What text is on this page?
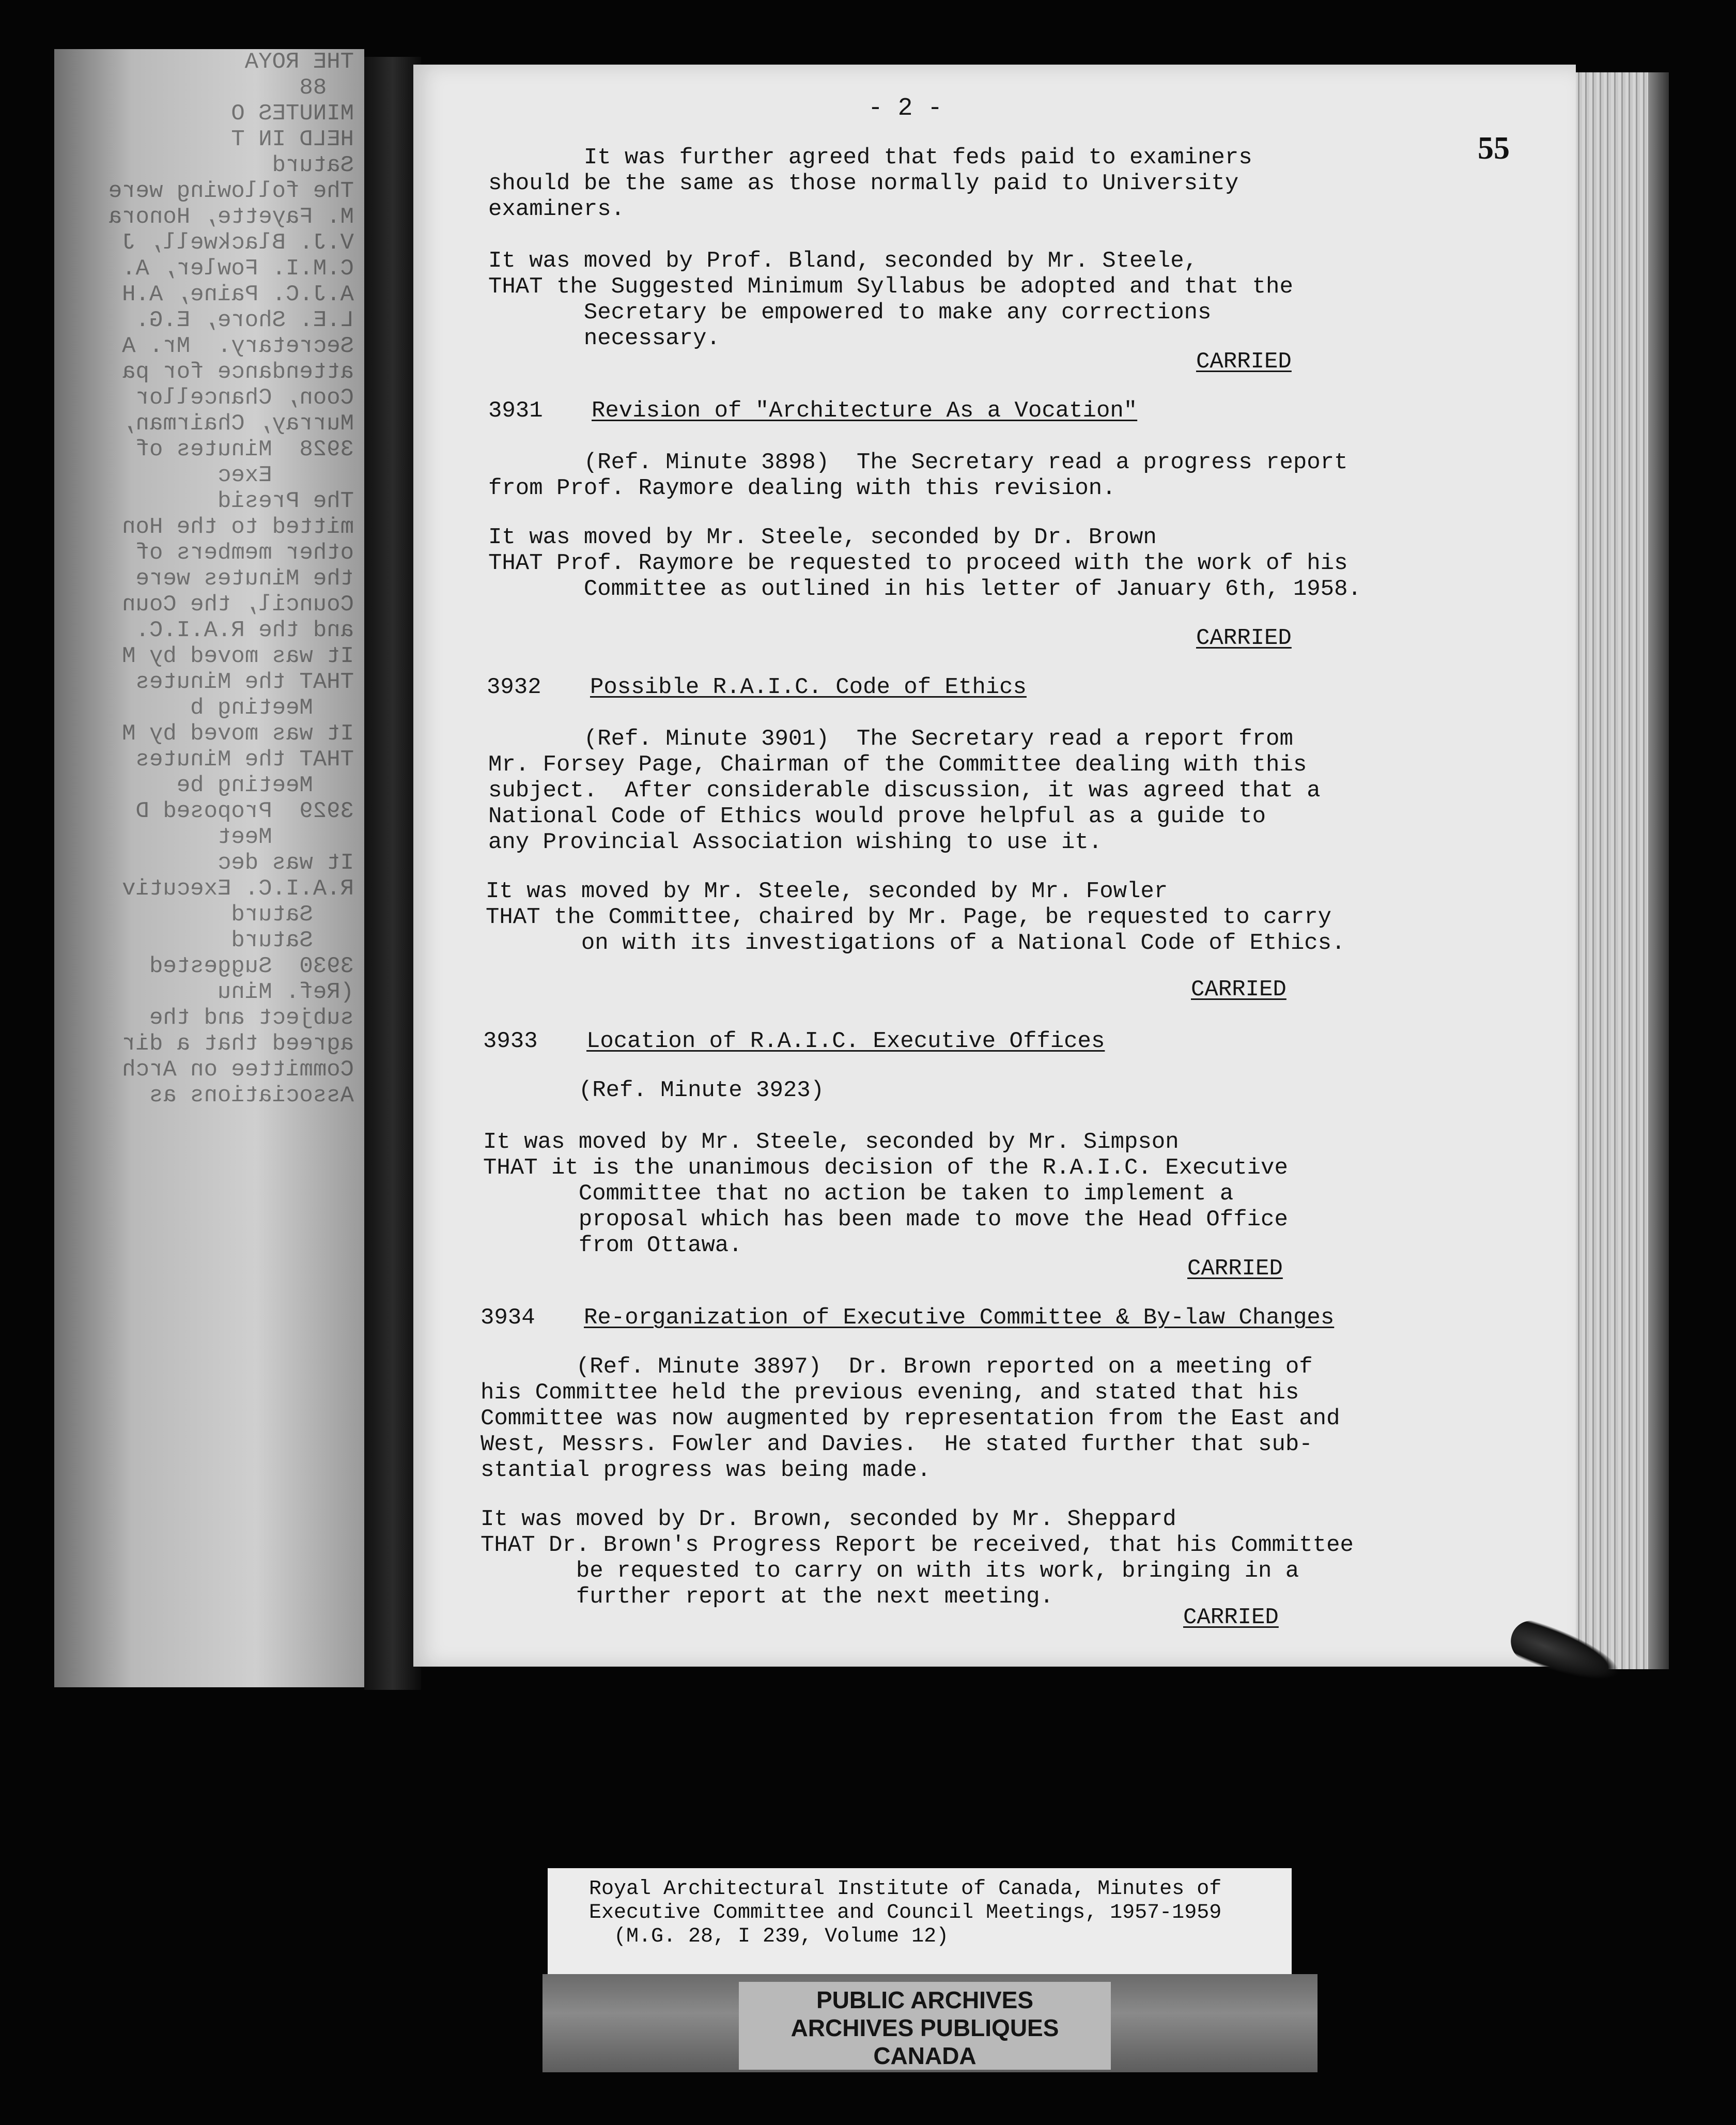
THE ROYA
88
MINUTES O
HELD IN T
Saturd
The following were
M. Fayette, Honora
V.J. Blackwell, J
C.M.I. Fowler, A.
A.J.C. Paine, A.H
L.E. Shore, E.G.
Secretary.  Mr. A
attendance for pa
Coon, Chancellor
Murray, Chairman,
3928  Minutes of
Exec
The Presid
mitted to the Hon
other members of
the Minutes were
Council, the Coun
and the R.A.I.C.
It was moved by M
THAT the Minutes
Meeting b
It was moved by M
THAT the Minutes
Meeting be
3929  Proposed D
Meet
It was dec
R.A.I.C. Executiv
Saturd
Saturd
3930  Suggested
(Ref. Minu
subject and the
agreed that a dir
Committee on Arch
Associations as
- 2 -
55
It was further agreed that feds paid to examiners
should be the same as those normally paid to University
examiners.
It was moved by Prof. Bland, seconded by Mr. Steele,
THAT the Suggested Minimum Syllabus be adopted and that the
Secretary be empowered to make any corrections
necessary.
CARRIED
3931 Revision of "Architecture As a Vocation"
(Ref. Minute 3898)  The Secretary read a progress report
from Prof. Raymore dealing with this revision.
It was moved by Mr. Steele, seconded by Dr. Brown
THAT Prof. Raymore be requested to proceed with the work of his
Committee as outlined in his letter of January 6th, 1958.
CARRIED
3932 Possible R.A.I.C. Code of Ethics
(Ref. Minute 3901)  The Secretary read a report from
Mr. Forsey Page, Chairman of the Committee dealing with this
subject.  After considerable discussion, it was agreed that a
National Code of Ethics would prove helpful as a guide to
any Provincial Association wishing to use it.
It was moved by Mr. Steele, seconded by Mr. Fowler
THAT the Committee, chaired by Mr. Page, be requested to carry
on with its investigations of a National Code of Ethics.
CARRIED
3933 Location of R.A.I.C. Executive Offices
(Ref. Minute 3923)
It was moved by Mr. Steele, seconded by Mr. Simpson
THAT it is the unanimous decision of the R.A.I.C. Executive
Committee that no action be taken to implement a
proposal which has been made to move the Head Office
from Ottawa.
CARRIED
3934 Re-organization of Executive Committee & By-law Changes
(Ref. Minute 3897)  Dr. Brown reported on a meeting of
his Committee held the previous evening, and stated that his
Committee was now augmented by representation from the East and
West, Messrs. Fowler and Davies.  He stated further that sub-
stantial progress was being made.
It was moved by Dr. Brown, seconded by Mr. Sheppard
THAT Dr. Brown's Progress Report be received, that his Committee
be requested to carry on with its work, bringing in a
further report at the next meeting.
CARRIED
Royal Architectural Institute of Canada, Minutes of
Executive Committee and Council Meetings, 1957-1959
(M.G. 28, I 239, Volume 12)
PUBLIC ARCHIVES
ARCHIVES PUBLIQUES
CANADA
